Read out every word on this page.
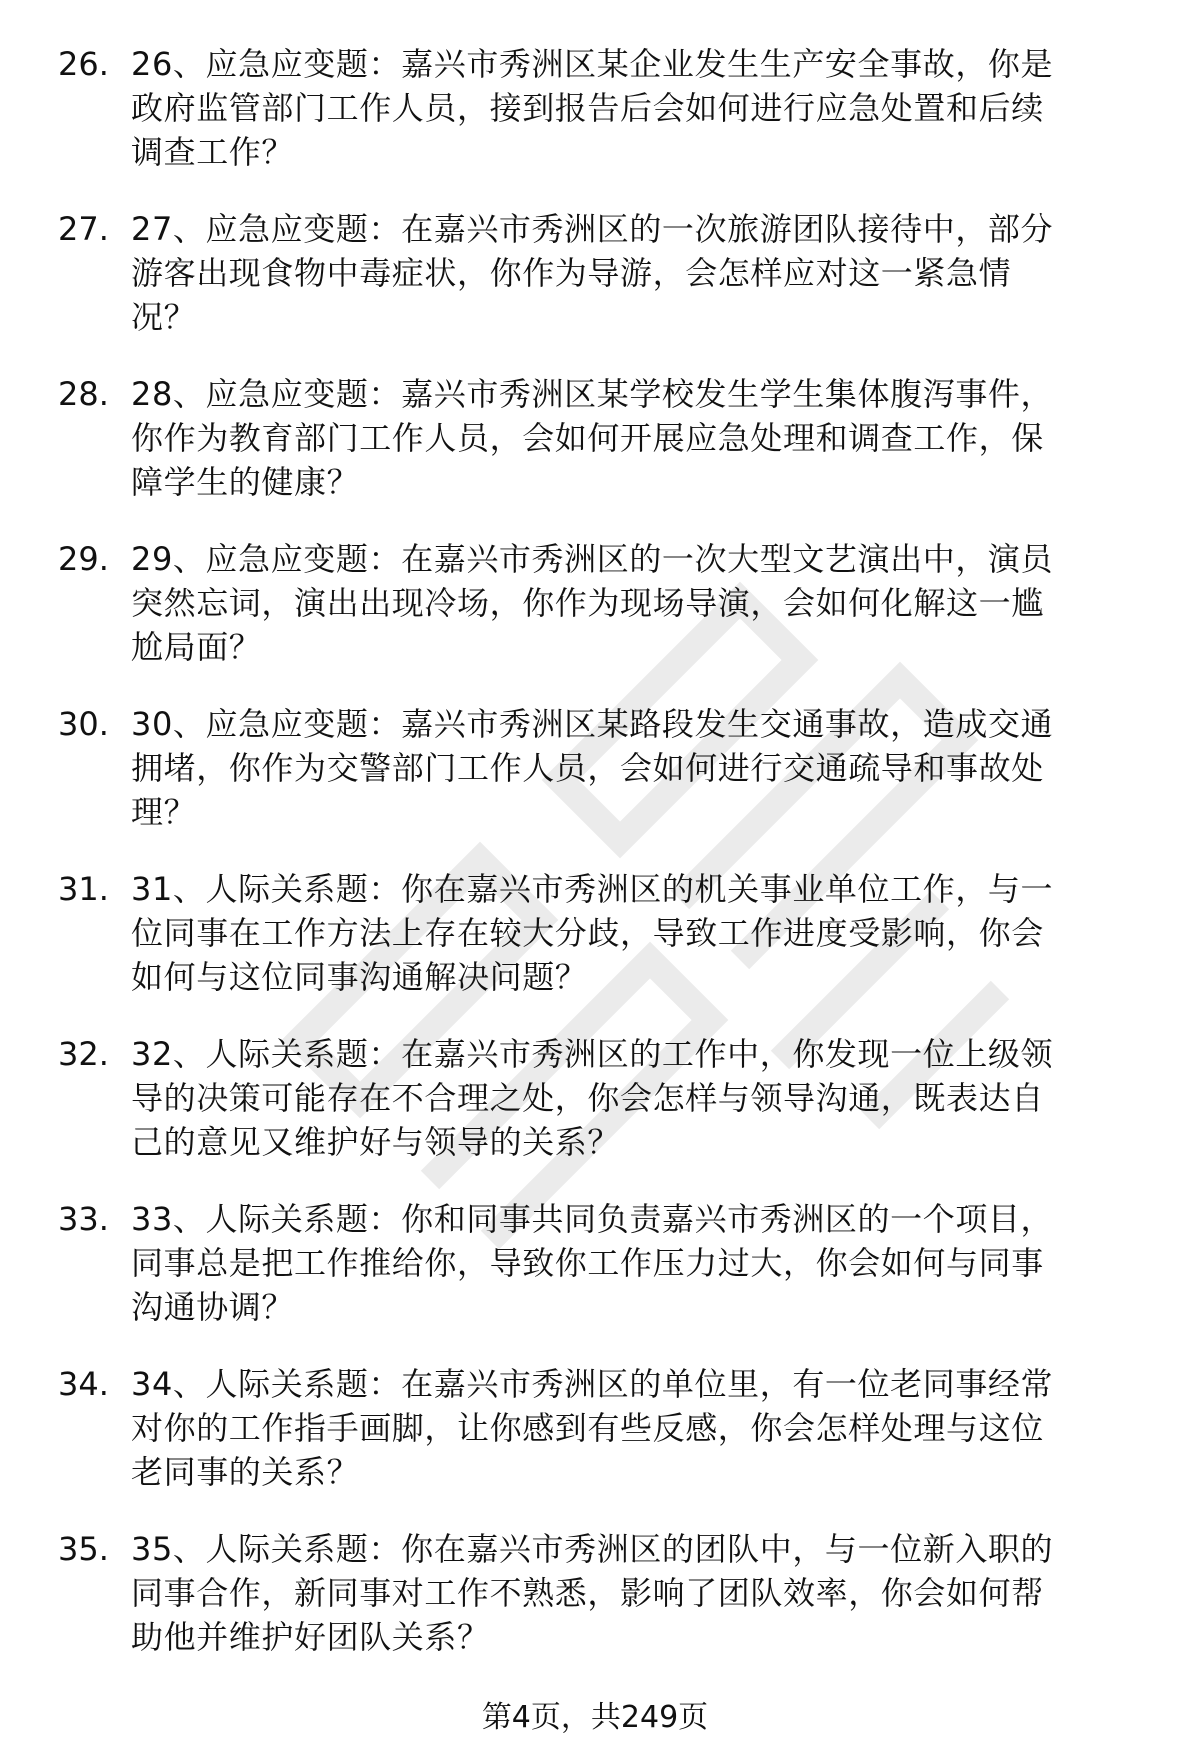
26. 26、应急应变题：嘉兴市秀洲区某企业发生生产安全事故，你是
政府监管部门工作人员，接到报告后会如何进行应急处置和后续
调查工作？
27. 27、应急应变题：在嘉兴市秀洲区的一次旅游团队接待中，部分
游客出现食物中毒症状，你作为导游，会怎样应对这一紧急情
况？
28. 28、应急应变题：嘉兴市秀洲区某学校发生学生集体腹泻事件，
你作为教育部门工作人员，会如何开展应急处理和调查工作，保
障学生的健康？
29. 29、应急应变题：在嘉兴市秀洲区的一次大型文艺演出中，演员
突然忘词，演出出现冷场，你作为现场导演，会如何化解这一尴
尬局面？
30. 30、应急应变题：嘉兴市秀洲区某路段发生交通事故，造成交通
拥堵，你作为交警部门工作人员，会如何进行交通疏导和事故处
理？
31. 31、人际关系题：你在嘉兴市秀洲区的机关事业单位工作，与一
位同事在工作方法上存在较大分歧，导致工作进度受影响，你会
如何与这位同事沟通解决问题？
32. 32、人际关系题：在嘉兴市秀洲区的工作中，你发现一位上级领
导的决策可能存在不合理之处，你会怎样与领导沟通，既表达自
己的意见又维护好与领导的关系？
33. 33、人际关系题：你和同事共同负责嘉兴市秀洲区的一个项目，
同事总是把工作推给你，导致你工作压力过大，你会如何与同事
沟通协调？
34. 34、人际关系题：在嘉兴市秀洲区的单位里，有一位老同事经常
对你的工作指手画脚，让你感到有些反感，你会怎样处理与这位
老同事的关系？
35. 35、人际关系题：你在嘉兴市秀洲区的团队中，与一位新入职的
同事合作，新同事对工作不熟悉，影响了团队效率，你会如何帮
助他并维护好团队关系？
第4页，共249页
